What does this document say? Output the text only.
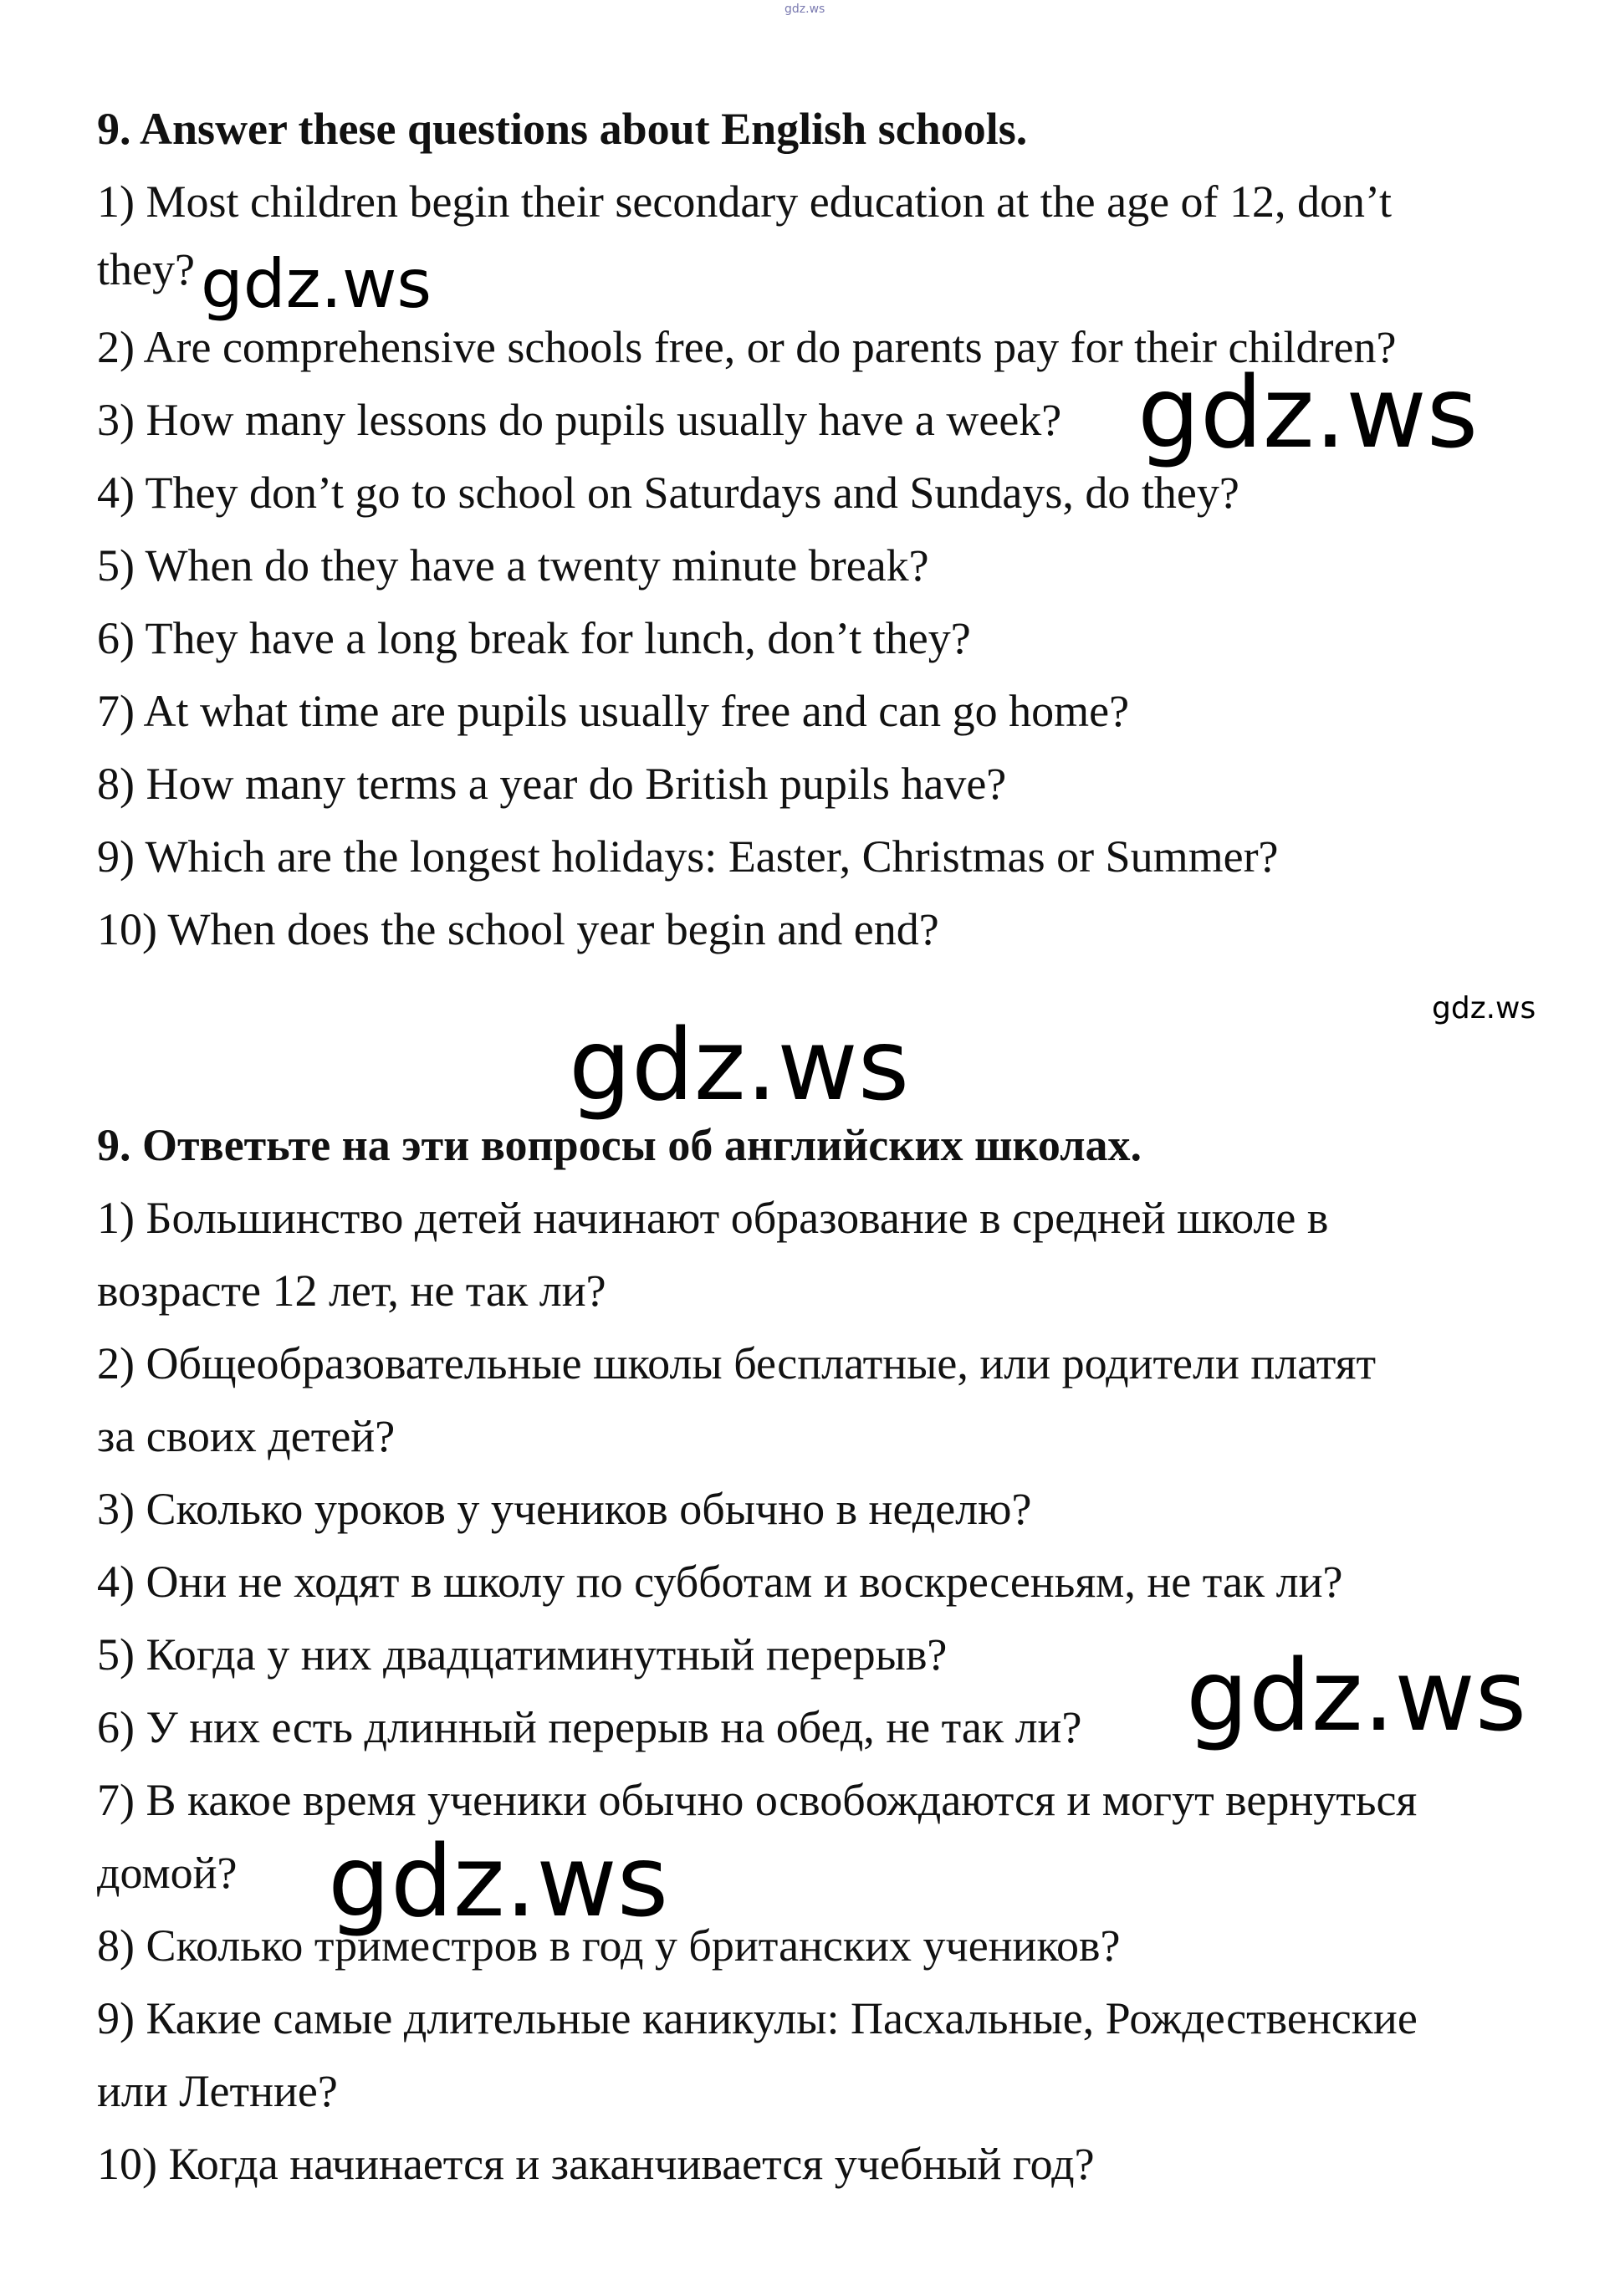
gdz.ws
9. Answer these questions about English schools.
1) Most children begin their secondary education at the age of 12, don’t
they?
2) Are comprehensive schools free, or do parents pay for their children?
3) How many lessons do pupils usually have a week?
4) They don’t go to school on Saturdays and Sundays, do they?
5) When do they have a twenty minute break?
6) They have a long break for lunch, don’t they?
7) At what time are pupils usually free and can go home?
8) How many terms a year do British pupils have?
9) Which are the longest holidays: Easter, Christmas or Summer?
10) When does the school year begin and end?
gdz.ws
gdz.ws
gdz.ws
gdz.ws
9. Ответьте на эти вопросы об английских школах.
1) Большинство детей начинают образование в средней школе в
возрасте 12 лет, не так ли?
2) Общеобразовательные школы бесплатные, или родители платят
за своих детей?
3) Сколько уроков у учеников обычно в неделю?
4) Они не ходят в школу по субботам и воскресеньям, не так ли?
5) Когда у них двадцатиминутный перерыв?
6) У них есть длинный перерыв на обед, не так ли?
7) В какое время ученики обычно освобождаются и могут вернуться
домой?
8) Сколько триместров в год у британских учеников?
9) Какие самые длительные каникулы: Пасхальные, Рождественские
или Летние?
10) Когда начинается и заканчивается учебный год?
gdz.ws
gdz.ws
